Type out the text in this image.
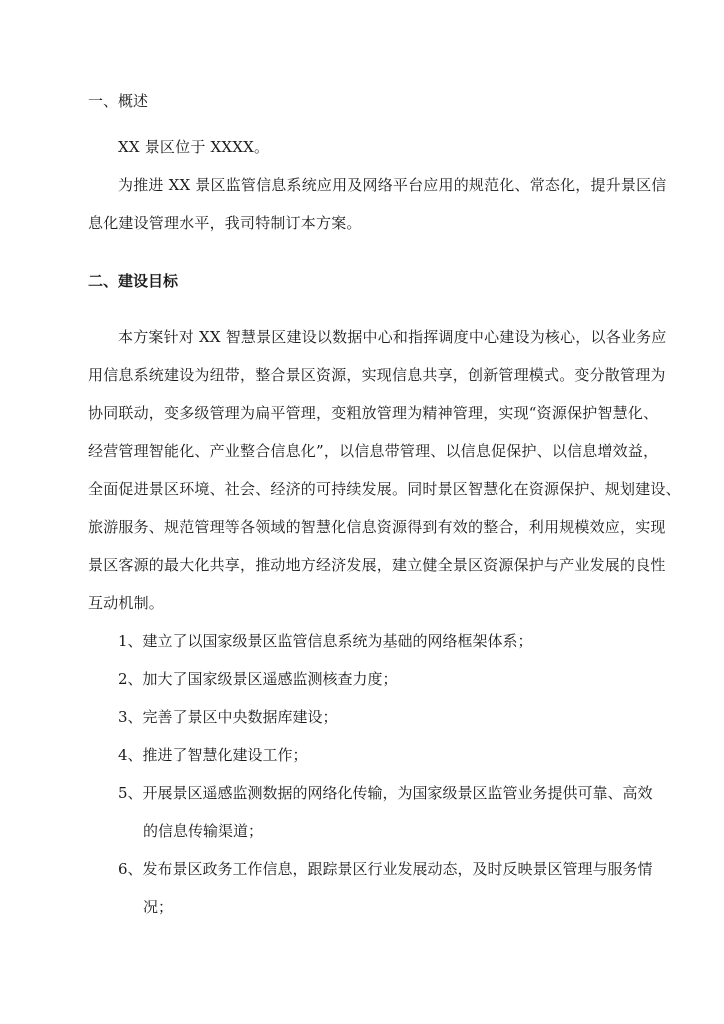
一、概述
XX 景区位于 XXXX。
为推进 XX 景区监管信息系统应用及网络平台应用的规范化、常态化，提升景区信
息化建设管理水平，我司特制订本方案。
二、建设目标
本方案针对 XX 智慧景区建设以数据中心和指挥调度中心建设为核心，以各业务应
用信息系统建设为纽带，整合景区资源，实现信息共享，创新管理模式。变分散管理为
协同联动，变多级管理为扁平管理，变粗放管理为精神管理，实现“资源保护智慧化、
经营管理智能化、产业整合信息化”，以信息带管理、以信息促保护、以信息增效益，
全面促进景区环境、社会、经济的可持续发展。同时景区智慧化在资源保护、规划建设、
旅游服务、规范管理等各领域的智慧化信息资源得到有效的整合，利用规模效应，实现
景区客源的最大化共享，推动地方经济发展，建立健全景区资源保护与产业发展的良性
互动机制。
1、建立了以国家级景区监管信息系统为基础的网络框架体系；
2、加大了国家级景区遥感监测核查力度；
3、完善了景区中央数据库建设；
4、推进了智慧化建设工作；
5、开展景区遥感监测数据的网络化传输，为国家级景区监管业务提供可靠、高效
的信息传输渠道；
6、发布景区政务工作信息，跟踪景区行业发展动态，及时反映景区管理与服务情
况；
